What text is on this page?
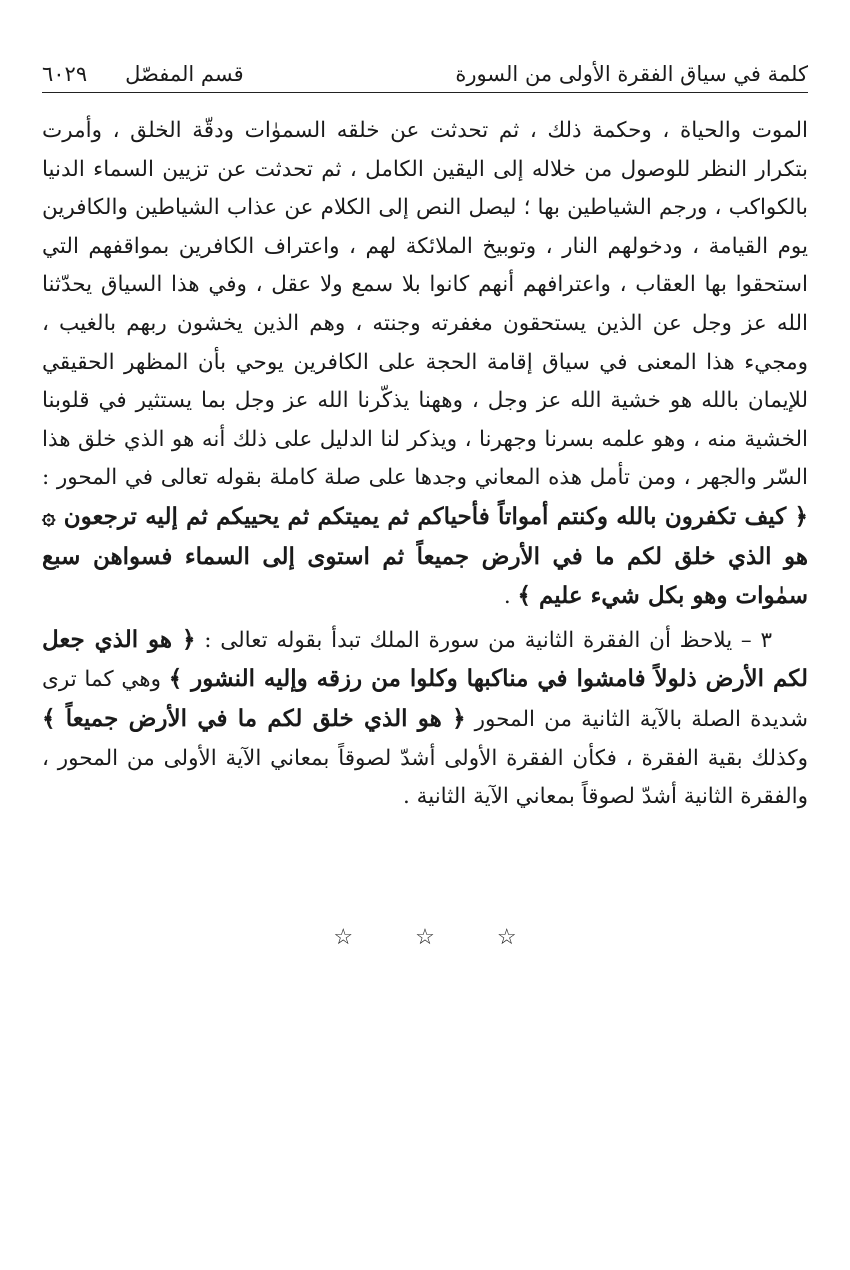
كلمة في سياق الفقرة الأولى من السورة
قسم المفصّل
٦٠٢٩

الموت والحياة ، وحكمة ذلك ، ثم تحدثت عن خلقه السموٰات ودقّة الخلق ، وأمرت بتكرار النظر للوصول من خلاله إلى اليقين الكامل ، ثم تحدثت عن تزيين السماء الدنيا بالكواكب ، ورجم الشياطين بها ؛ ليصل النص إلى الكلام عن عذاب الشياطين والكافرين يوم القيامة ، ودخولهم النار ، وتوبيخ الملائكة لهم ، واعتراف الكافرين بمواقفهم التي استحقوا بها العقاب ، واعترافهم أنهم كانوا بلا سمع ولا عقل ، وفي هذا السياق يحدّثنا الله عز وجل عن الذين يستحقون مغفرته وجنته ، وهم الذين يخشون ربهم بالغيب ، ومجيء هذا المعنى في سياق إقامة الحجة على الكافرين يوحي بأن المظهر الحقيقي للإيمان بالله هو خشية الله عز وجل ، وههنا يذكّرنا الله عز وجل بما يستثير في قلوبنا الخشية منه ، وهو علمه بسرنا وجهرنا ، ويذكر لنا الدليل على ذلك أنه هو الذي خلق هذا السّر والجهر ، ومن تأمل هذه المعاني وجدها على صلة كاملة بقوله تعالى في المحور : ﴿ كيف تكفرون بالله وكنتم أمواتاً فأحياكم ثم يميتكم ثم يحييكم ثم إليه ترجعون ۞ هو الذي خلق لكم ما في الأرض جميعاً ثم استوى إلى السماء فسواهن سبع سمٰوات وهو بكل شيء عليم ﴾ .

٣ – يلاحظ أن الفقرة الثانية من سورة الملك تبدأ بقوله تعالى : ﴿ هو الذي جعل لكم الأرض ذلولاً فامشوا في مناكبها وكلوا من رزقه وإليه النشور ﴾ وهي كما ترى شديدة الصلة بالآية الثانية من المحور ﴿ هو الذي خلق لكم ما في الأرض جميعاً ﴾ وكذلك بقية الفقرة ، فكأن الفقرة الأولى أشدّ لصوقاً بمعاني الآية الأولى من المحور ، والفقرة الثانية أشدّ لصوقاً بمعاني الآية الثانية .

☆☆☆
